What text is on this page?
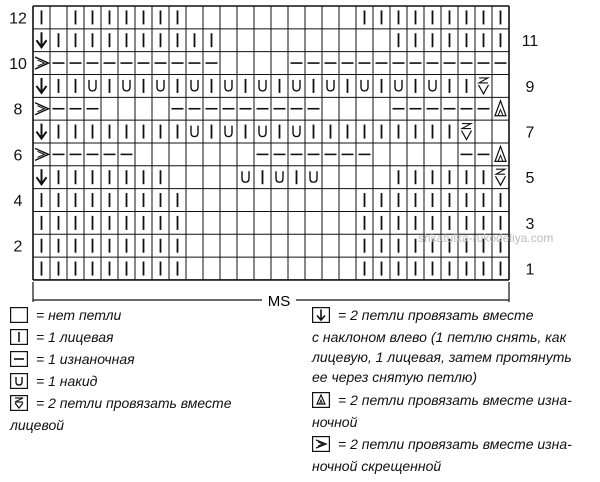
12
11
10
9
8
7
6
5
4
3
2
1
MS
shkatulka-rukodeliya.com
= нет петли
= 1 лицевая
= 1 изнаночная
= 1 накид
= 2 петли провязать вместе
лицевой
= 2 петли провязать вместе
с наклоном влево (1 петлю снять, как
лицевую, 1 лицевая, затем протянуть
ее через снятую петлю)
= 2 петли провязать вместе изна-
ночной
= 2 петли провязать вместе изна-
ночной скрещенной
